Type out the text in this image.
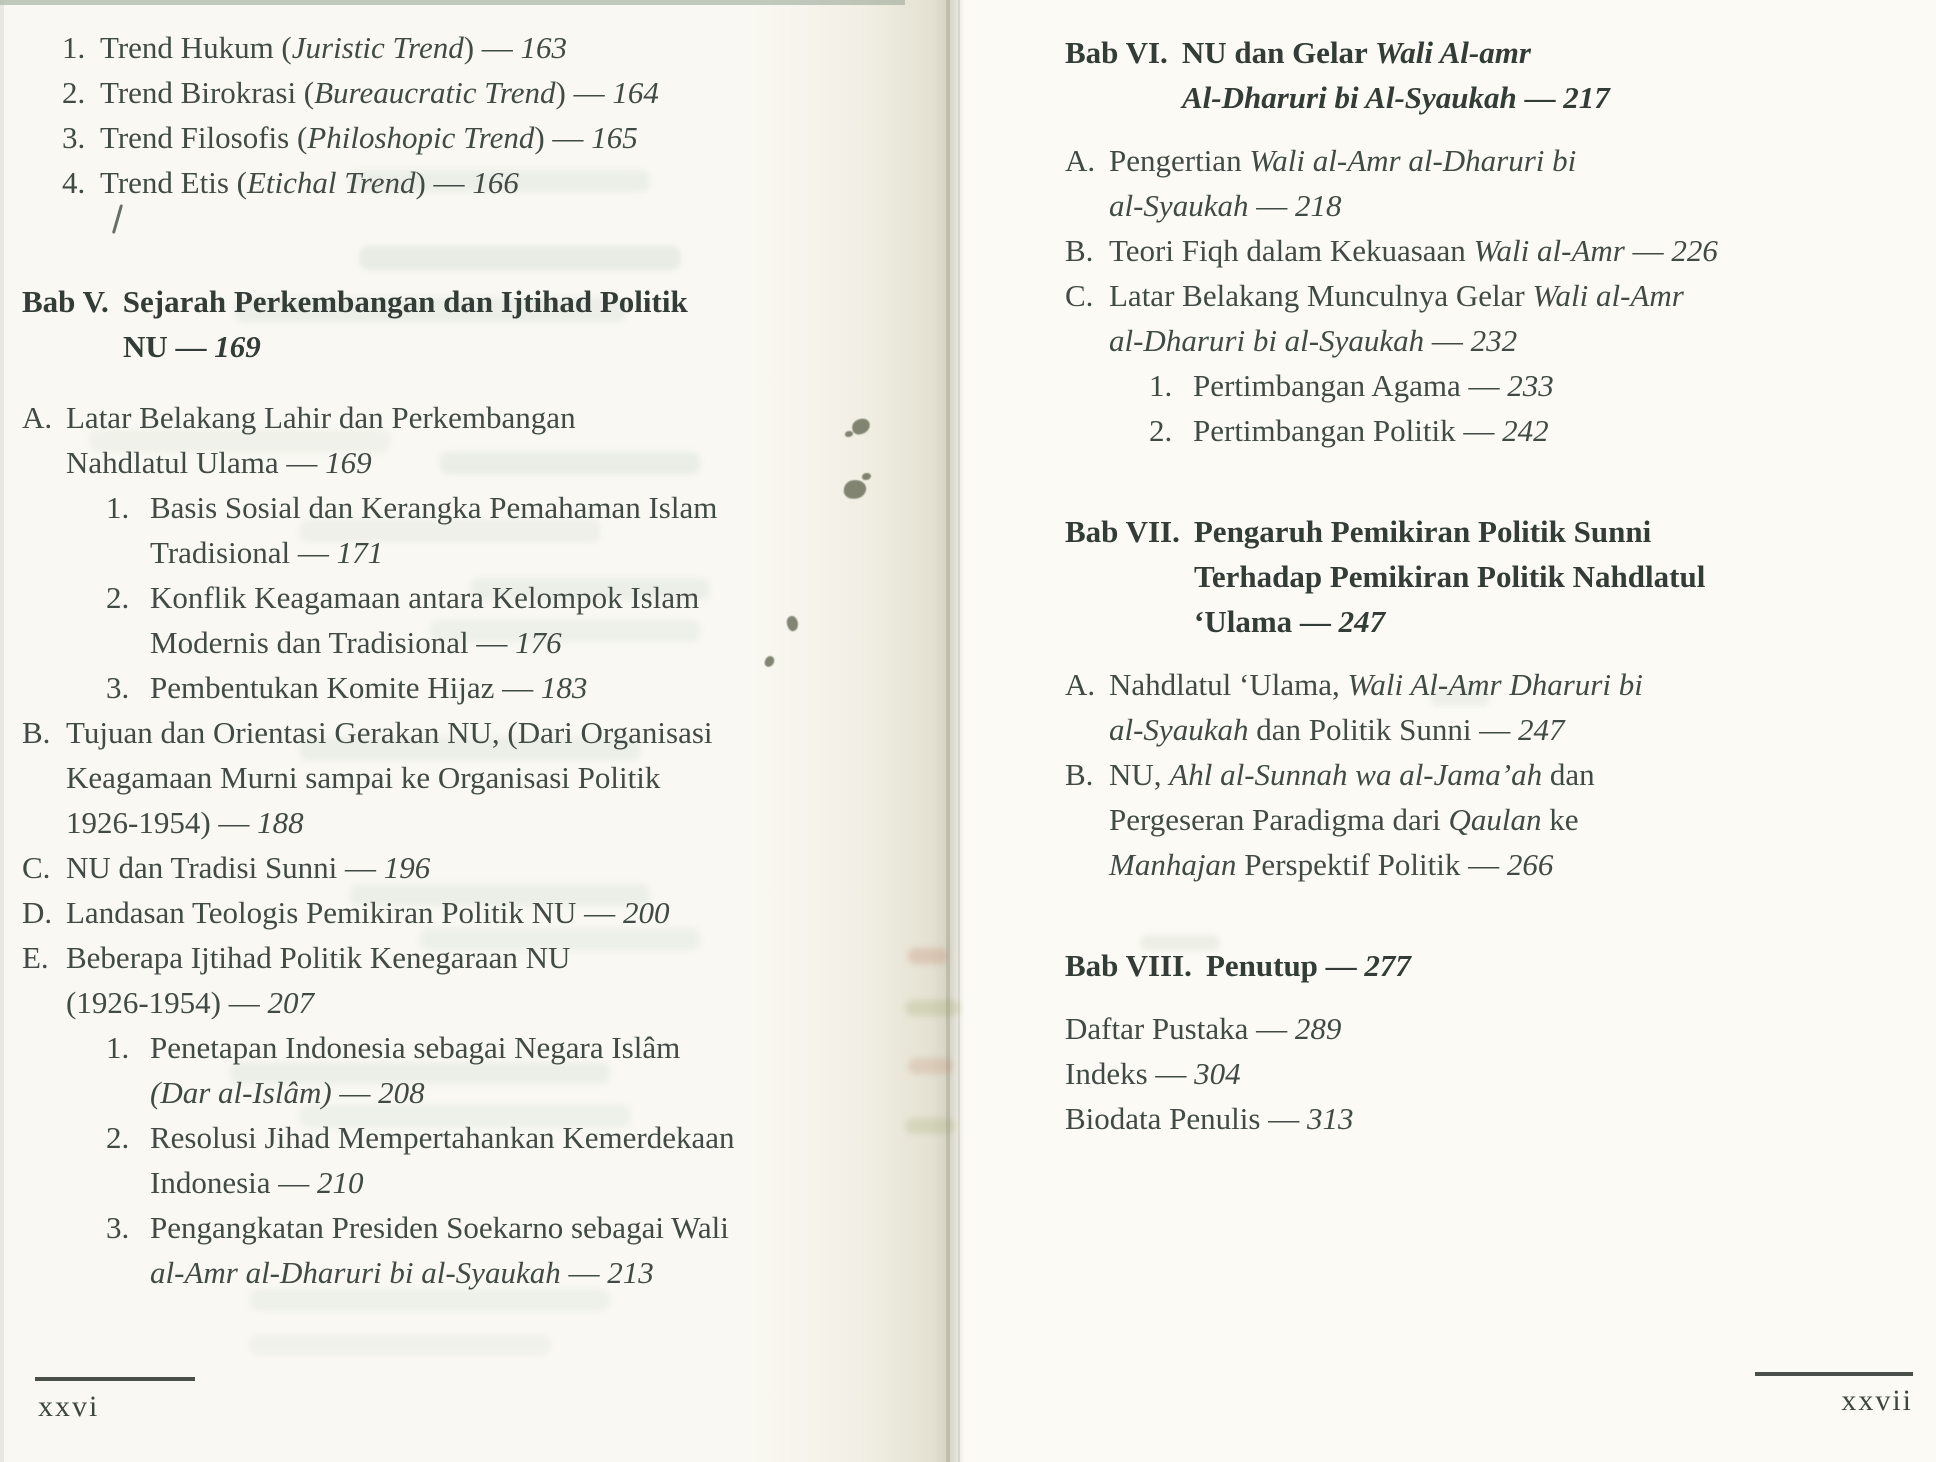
1. Trend Hukum (Juristic Trend) — 163
2. Trend Birokrasi (Bureaucratic Trend) — 164
3. Trend Filosofis (Philoshopic Trend) — 165
4. Trend Etis (Etichal Trend) — 166
Bab V. Sejarah Perkembangan dan Ijtihad Politik
NU — 169
A. Latar Belakang Lahir dan Perkembangan
Nahdlatul Ulama — 169
1. Basis Sosial dan Kerangka Pemahaman Islam
Tradisional — 171
2. Konflik Keagamaan antara Kelompok Islam
Modernis dan Tradisional — 176
3. Pembentukan Komite Hijaz — 183
B. Tujuan dan Orientasi Gerakan NU, (Dari Organisasi
Keagamaan Murni sampai ke Organisasi Politik
1926-1954) — 188
C. NU dan Tradisi Sunni — 196
D. Landasan Teologis Pemikiran Politik NU — 200
E. Beberapa Ijtihad Politik Kenegaraan NU
(1926-1954) — 207
1. Penetapan Indonesia sebagai Negara Islâm
(Dar al-Islâm) — 208
2. Resolusi Jihad Mempertahankan Kemerdekaan
Indonesia — 210
3. Pengangkatan Presiden Soekarno sebagai Wali
al-Amr al-Dharuri bi al-Syaukah — 213
Bab VI. NU dan Gelar Wali Al-amr
Al-Dharuri bi Al-Syaukah — 217
A. Pengertian Wali al-Amr al-Dharuri bi
al-Syaukah — 218
B. Teori Fiqh dalam Kekuasaan Wali al-Amr — 226
C. Latar Belakang Munculnya Gelar Wali al-Amr
al-Dharuri bi al-Syaukah — 232
1. Pertimbangan Agama — 233
2. Pertimbangan Politik — 242
Bab VII. Pengaruh Pemikiran Politik Sunni
Terhadap Pemikiran Politik Nahdlatul
‘Ulama — 247
A. Nahdlatul ‘Ulama, Wali Al-Amr Dharuri bi
al-Syaukah dan Politik Sunni — 247
B. NU, Ahl al-Sunnah wa al-Jama’ah dan
Pergeseran Paradigma dari Qaulan ke
Manhajan Perspektif Politik — 266
Bab VIII. Penutup — 277
Daftar Pustaka — 289
Indeks — 304
Biodata Penulis — 313
xxvi	xxvii
